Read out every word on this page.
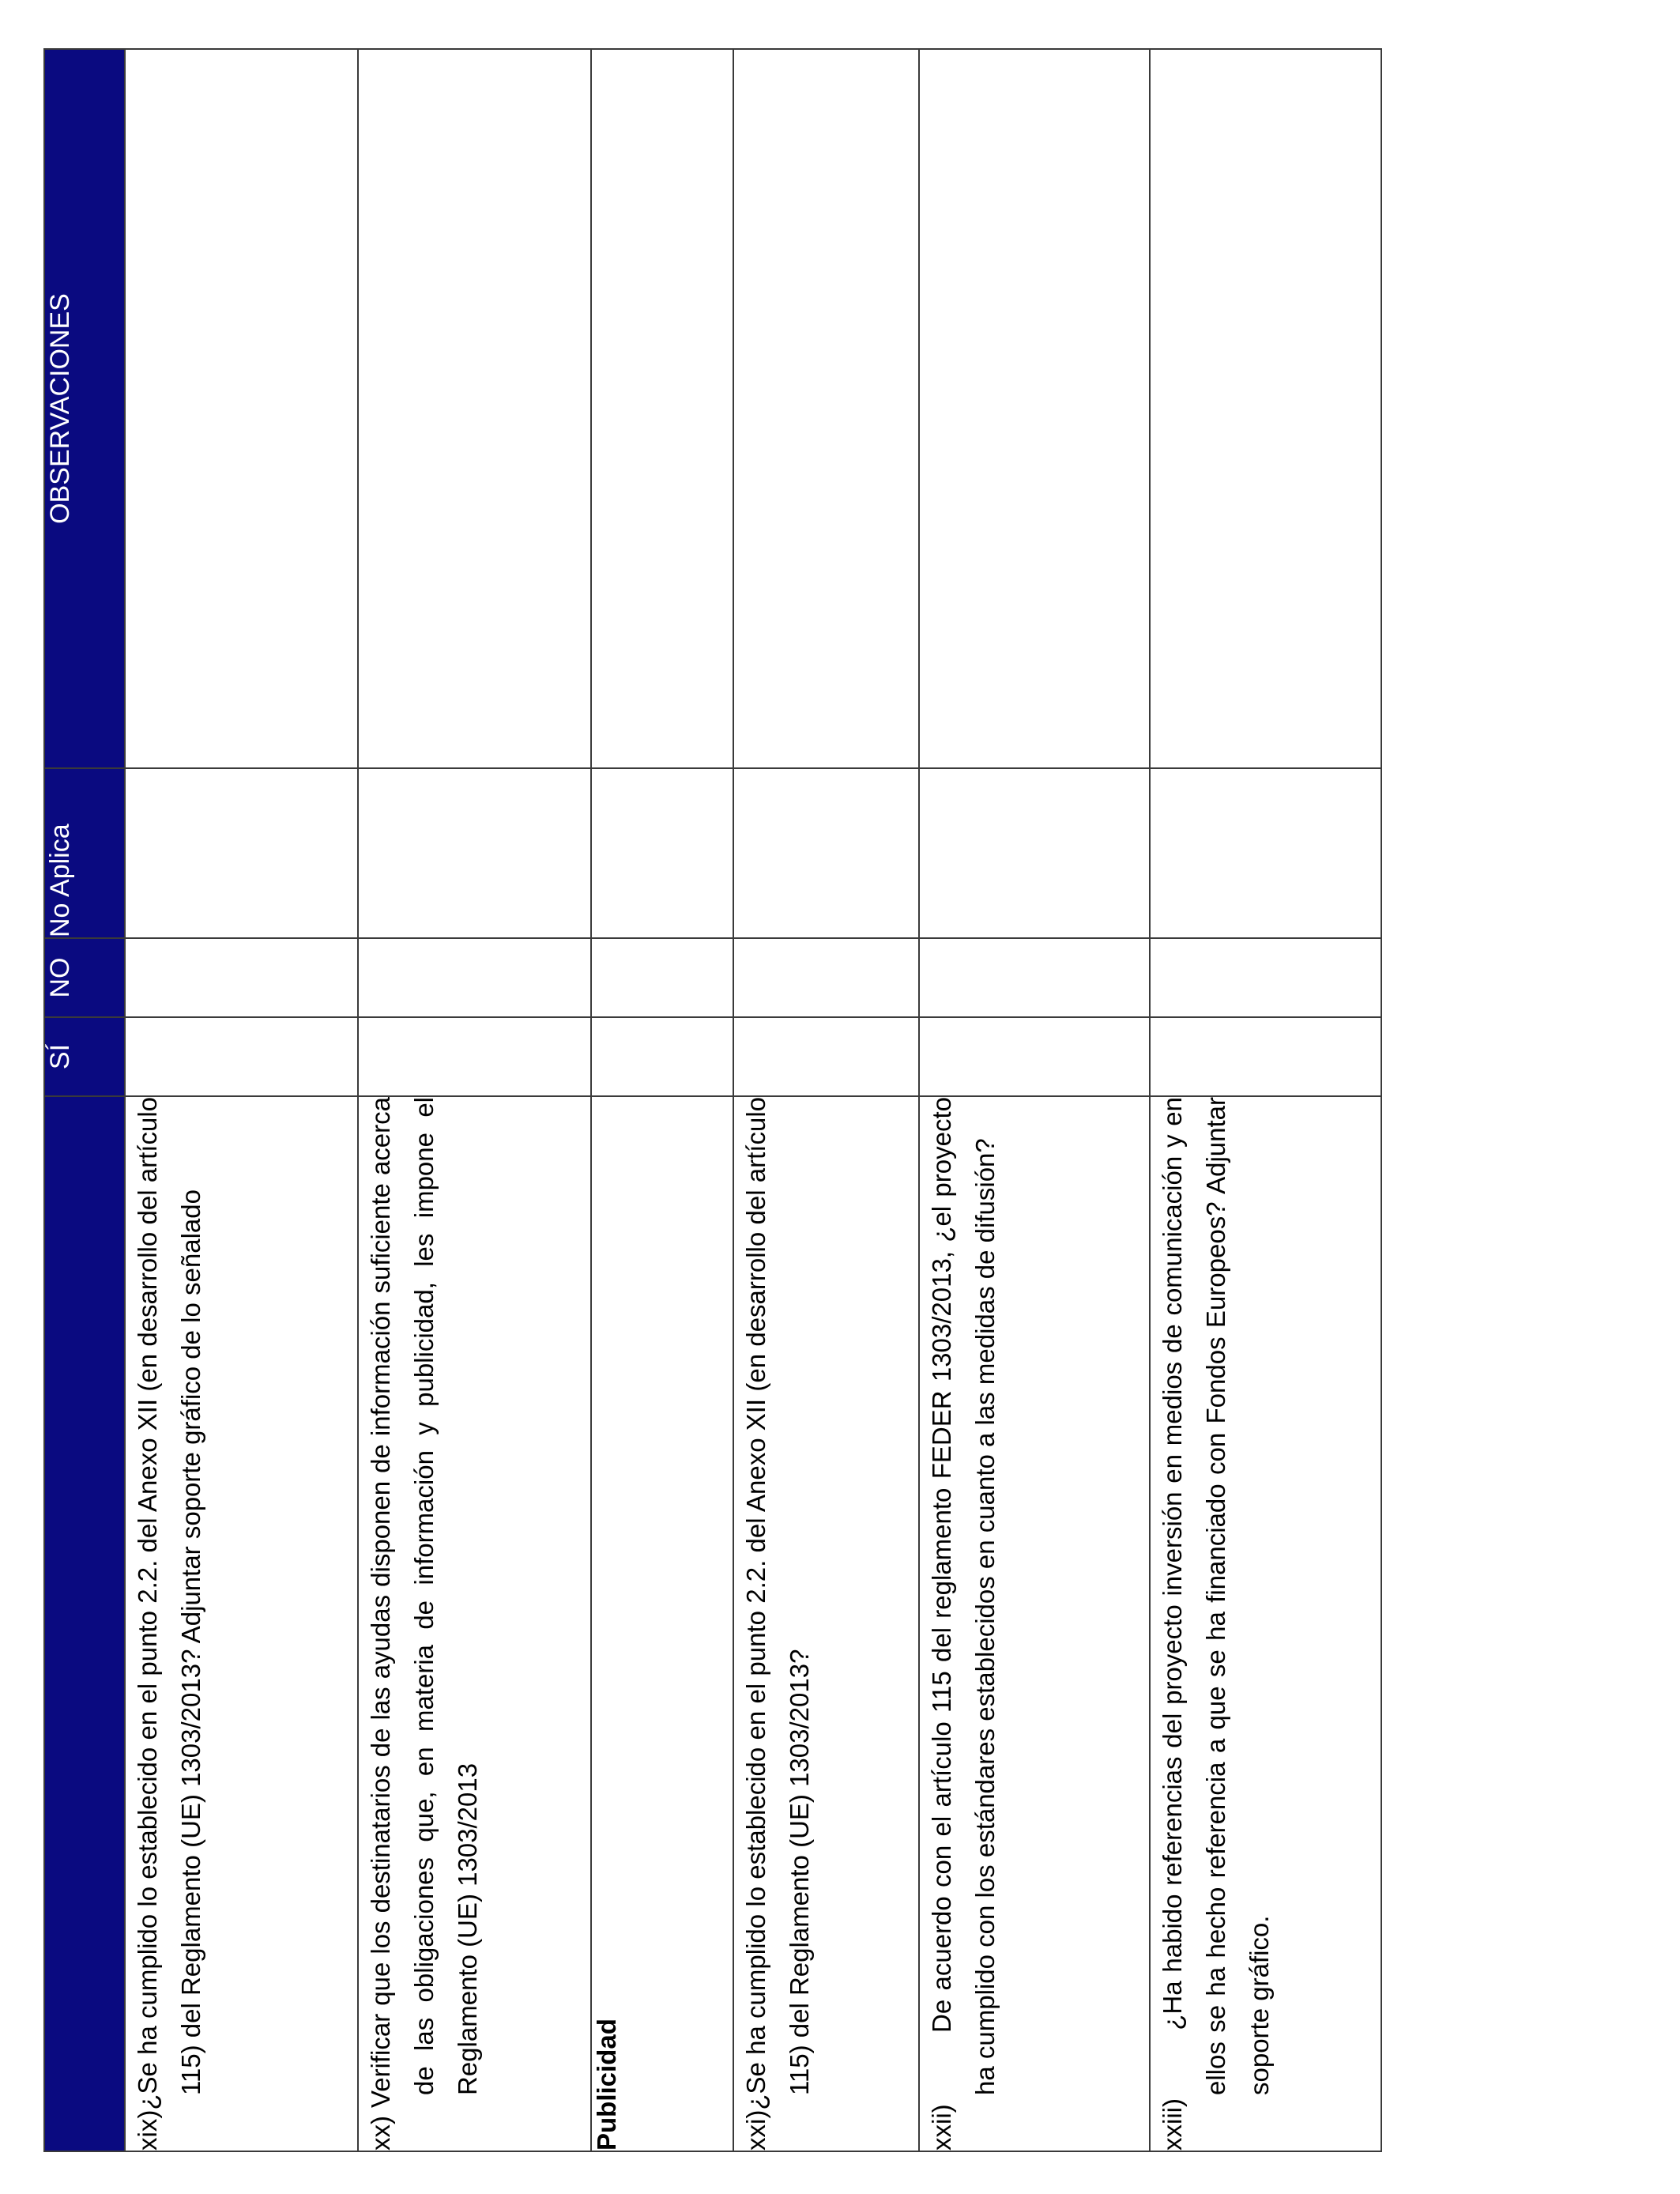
	SÍ	NO	No Aplica	OBSERVACIONES

xix)¿Se ha cumplido lo establecido en el punto 2.2. del Anexo XII (en desarrollo del artículo 115) del Reglamento (UE) 1303/2013? Adjuntar soporte gráfico de lo señalado				

xx) Verificar que los destinatarios de las ayudas disponen de información suficiente acerca de las obligaciones que, en materia de información y publicidad, les impone el Reglamento (UE) 1303/2013				

Publicidad				

xxi)¿Se ha cumplido lo establecido en el punto 2.2. del Anexo XII (en desarrollo del artículo 115) del Reglamento (UE) 1303/2013?				

xxii)        De acuerdo con el artículo 115 del reglamento FEDER 1303/2013, ¿el proyecto ha cumplido con los estándares establecidos en cuanto a las medidas de difusión?				

xxiii)        ¿Ha habido referencias del proyecto inversión en medios de comunicación y en ellos se ha hecho referencia a que se ha financiado con Fondos Europeos? Adjuntar soporte gráfico.				
